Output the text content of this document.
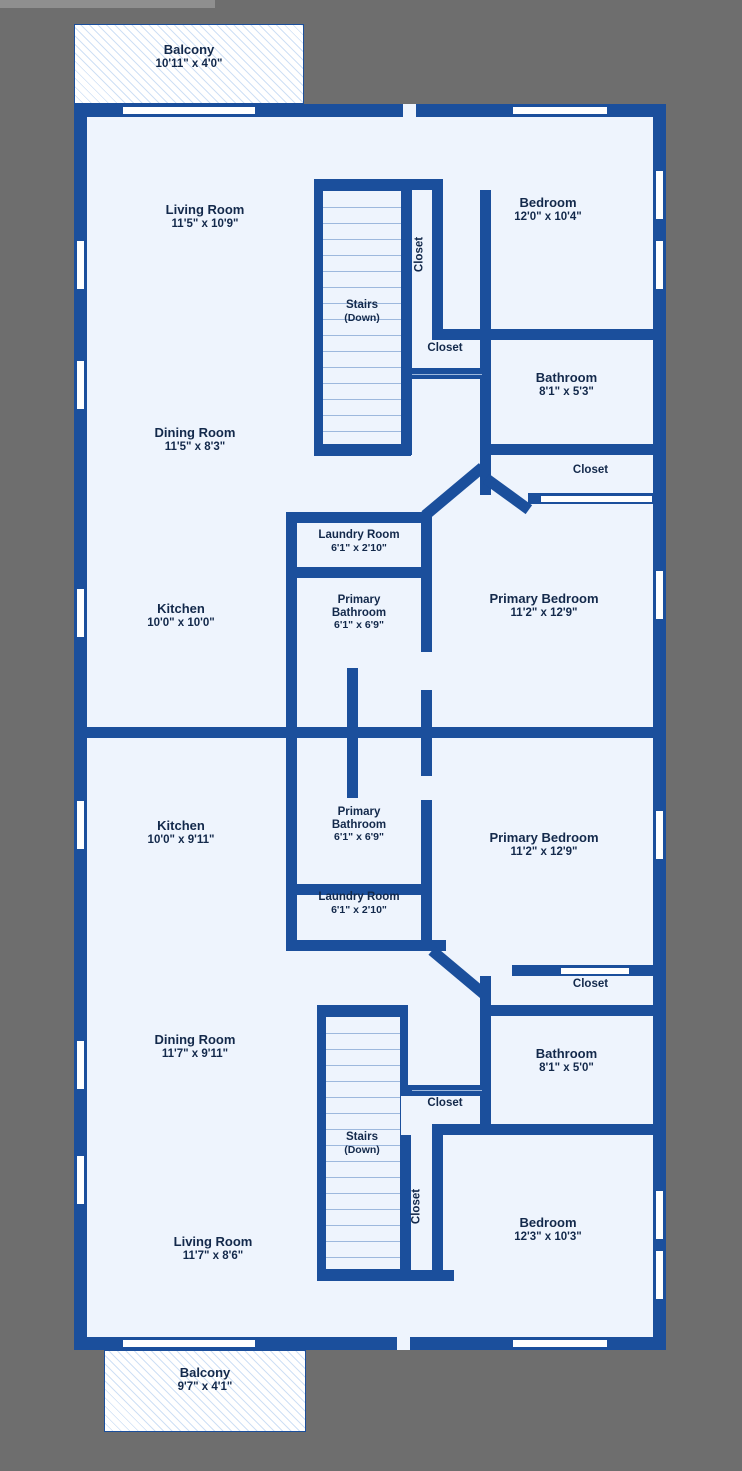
Balcony
10'11" x 4'0"
Stairs
(Down)
Closet
Closet
Bathroom
8'1" x 5'3"
Closet
Laundry Room
6'1" x 2'10"
Primary
Bathroom
6'1" x 6'9"
Living Room
11'5" x 10'9"
Dining Room
11'5" x 8'3"
Kitchen
10'0" x 10'0"
Bedroom
12'0" x 10'4"
Primary Bedroom
11'2" x 12'9"
Primary
Bathroom
6'1" x 6'9"
Laundry Room
6'1" x 2'10"
Closet
Bathroom
8'1" x 5'0"
Closet
Bedroom
12'3" x 10'3"
Closet
Stairs
(Down)
Kitchen
10'0" x 9'11"
Dining Room
11'7" x 9'11"
Living Room
11'7" x 8'6"
Primary Bedroom
11'2" x 12'9"
Balcony
9'7" x 4'1"
